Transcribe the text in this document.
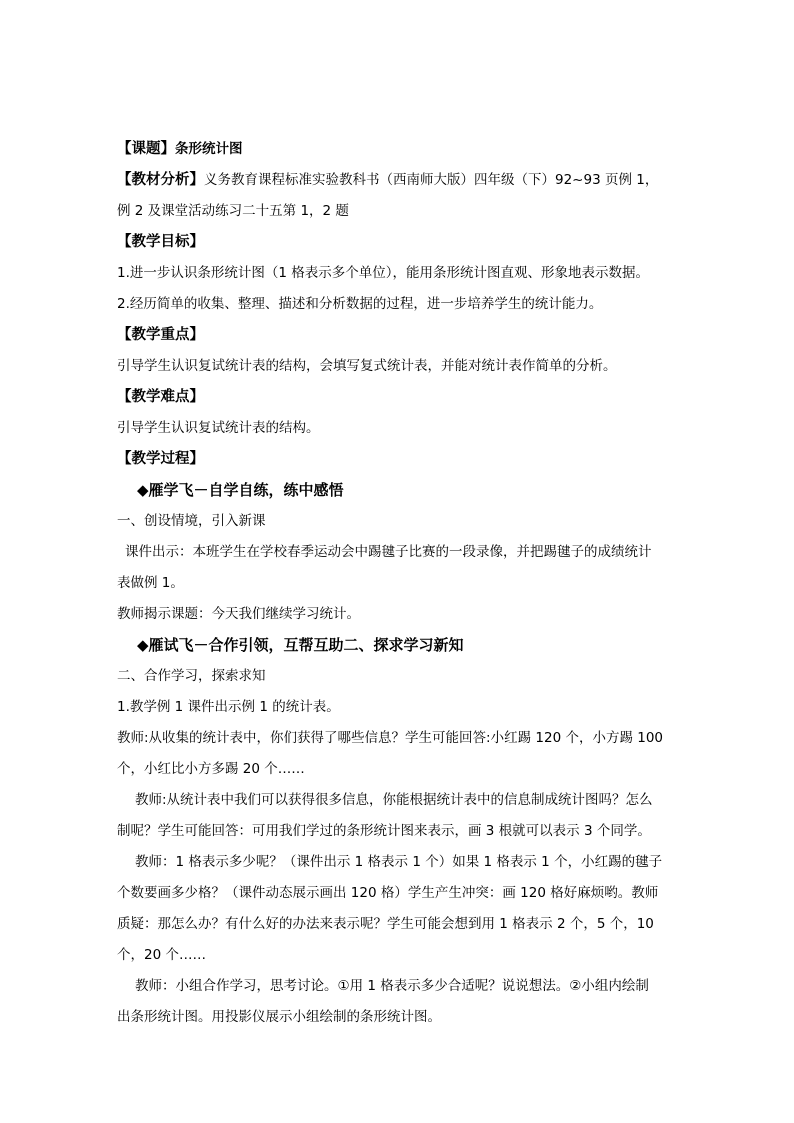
【课题】条形统计图
【教材分析】义务教育课程标准实验教科书（西南师大版）四年级（下）92~93 页例 1，
例 2 及课堂活动练习二十五第 1，2 题
【教学目标】
1.进一步认识条形统计图（1 格表示多个单位），能用条形统计图直观、形象地表示数据。
2.经历简单的收集、整理、描述和分析数据的过程，进一步培养学生的统计能力。
【教学重点】
引导学生认识复试统计表的结构，会填写复式统计表，并能对统计表作简单的分析。
【教学难点】
引导学生认识复试统计表的结构。
【教学过程】
◆雁学飞－自学自练，练中感悟
一、创设情境，引入新课
课件出示：本班学生在学校春季运动会中踢毽子比赛的一段录像，并把踢毽子的成绩统计
表做例 1。
教师揭示课题：今天我们继续学习统计。
◆雁试飞－合作引领，互帮互助二、探求学习新知
二、合作学习，探索求知
1.教学例 1 课件出示例 1 的统计表。
教师:从收集的统计表中，你们获得了哪些信息？学生可能回答:小红踢 120 个，小方踢 100
个，小红比小方多踢 20 个……
教师:从统计表中我们可以获得很多信息，你能根据统计表中的信息制成统计图吗？怎么
制呢？学生可能回答：可用我们学过的条形统计图来表示，画 3 根就可以表示 3 个同学。
教师：1 格表示多少呢？（课件出示 1 格表示 1 个）如果 1 格表示 1 个，小红踢的毽子
个数要画多少格？（课件动态展示画出 120 格）学生产生冲突：画 120 格好麻烦哟。教师
质疑：那怎么办？有什么好的办法来表示呢？学生可能会想到用 1 格表示 2 个，5 个，10
个，20 个……
教师：小组合作学习，思考讨论。①用 1 格表示多少合适呢？说说想法。②小组内绘制
出条形统计图。用投影仪展示小组绘制的条形统计图。
